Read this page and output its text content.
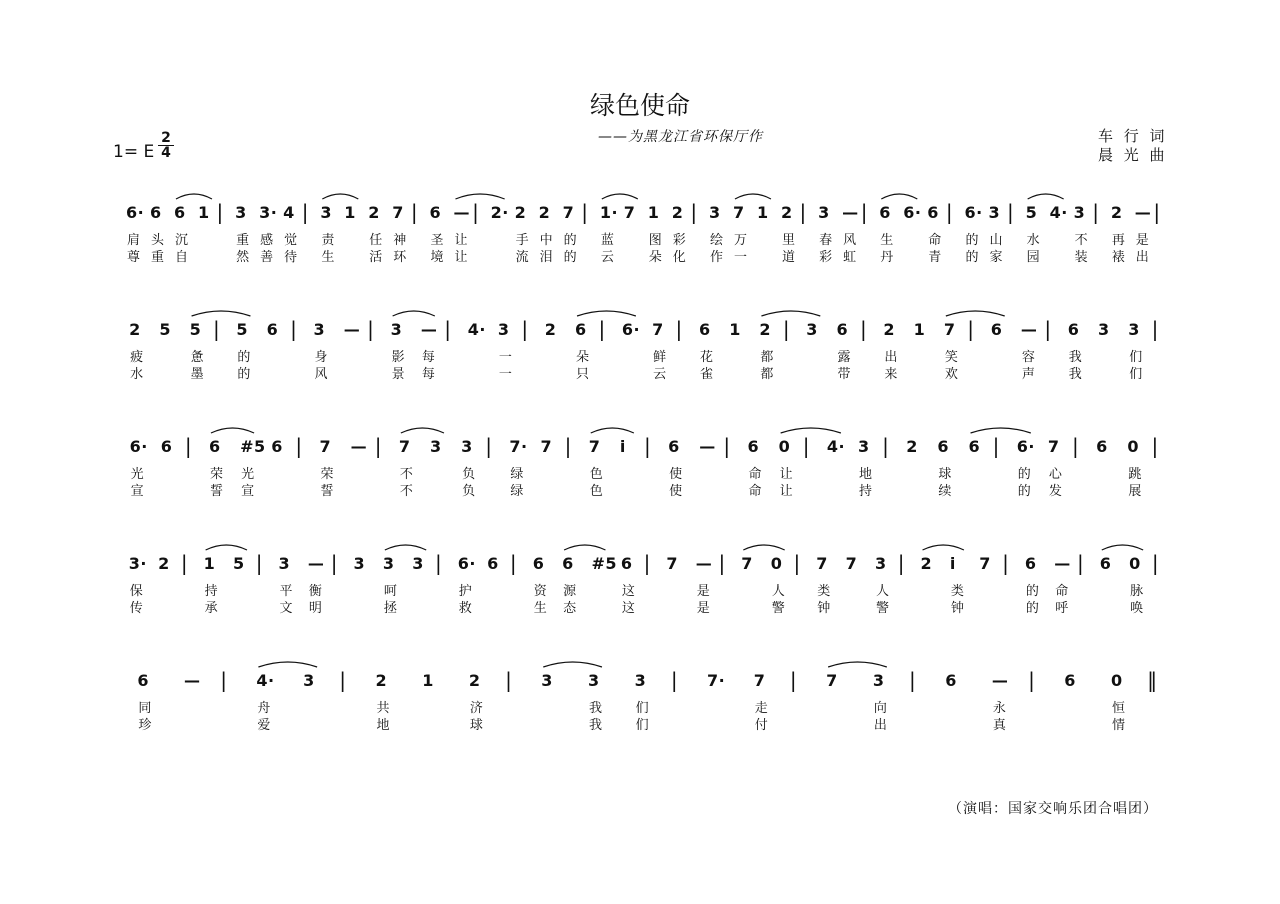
绿色使命
——为黑龙江省环保厅作	车 行 词
晨 光 曲
1= E $\frac{2}{4}$
6· 6 6 1 | 3 3· 4 | 3 1 2 7 | 6 — | 2· 2 2 7 | 1· 7 1 2 | 3 7 1 2 | 3 — | 6 6· 6 | 6· 3 | 5 4· 3 | 2 — |
肩 头 沉	重 感 觉 责	任 神 圣 让	手 中 的 蓝	图 彩 绘 万	里 春 风 生	命 的 山 水	不 再 是
尊 重 自	然 善 待 生	活 环 境 让	流 泪 的 云	朵 化 作 一	道 彩 虹 丹	青 的 家 园	装 裱 出
2 5 5 | 5 6 | 3 — | 3 — | 4· 3 | 2 6 | 6· 7 | 6 1 2 | 3 6 | 2 1 7 | 6 — | 6 3 3 |
疲	惫	的	身	影 每	一	朵	鲜	花	都	露	出	笑	容	我	们
水	墨	的	风	景 每	一	只	云	雀	都	带	来	欢	声	我	们
6· 6 | 6 #5 6 | 7 — | 7 3 3 | 7· 7 | 7 i | 6 — | 6 0 | 4· 3 | 2 6 6 | 6· 7 | 6 0 |
光	荣 光	荣	不	负	绿	色	使	命 让	地	球	的 心	跳
宣	誓 宣	誓	不	负	绿	色	使	命 让	持	续	的 发	展
3· 2 | 1 5 | 3 — | 3 3 3 | 6· 6 | 6 6 #5 6 | 7 — | 7 0 | 7 7 3 | 2 i 7 | 6 — | 6 0 |
保	持	平 衡	呵	护	资 源	这	是	人	类	人	类	的 命	脉
传	承	文 明	拯	救	生 态	这	是	警	钟	警	钟	的 呼	唤
6 — | 4· 3 | 2 1 2 | 3 3 3 | 7· 7 | 7 3 | 6 — | 6 0 ‖
同	舟	共	济	我	们	走	向	永	恒
珍	爱	地	球	我	们	付	出	真	情
（演唱：国家交响乐团合唱团）
